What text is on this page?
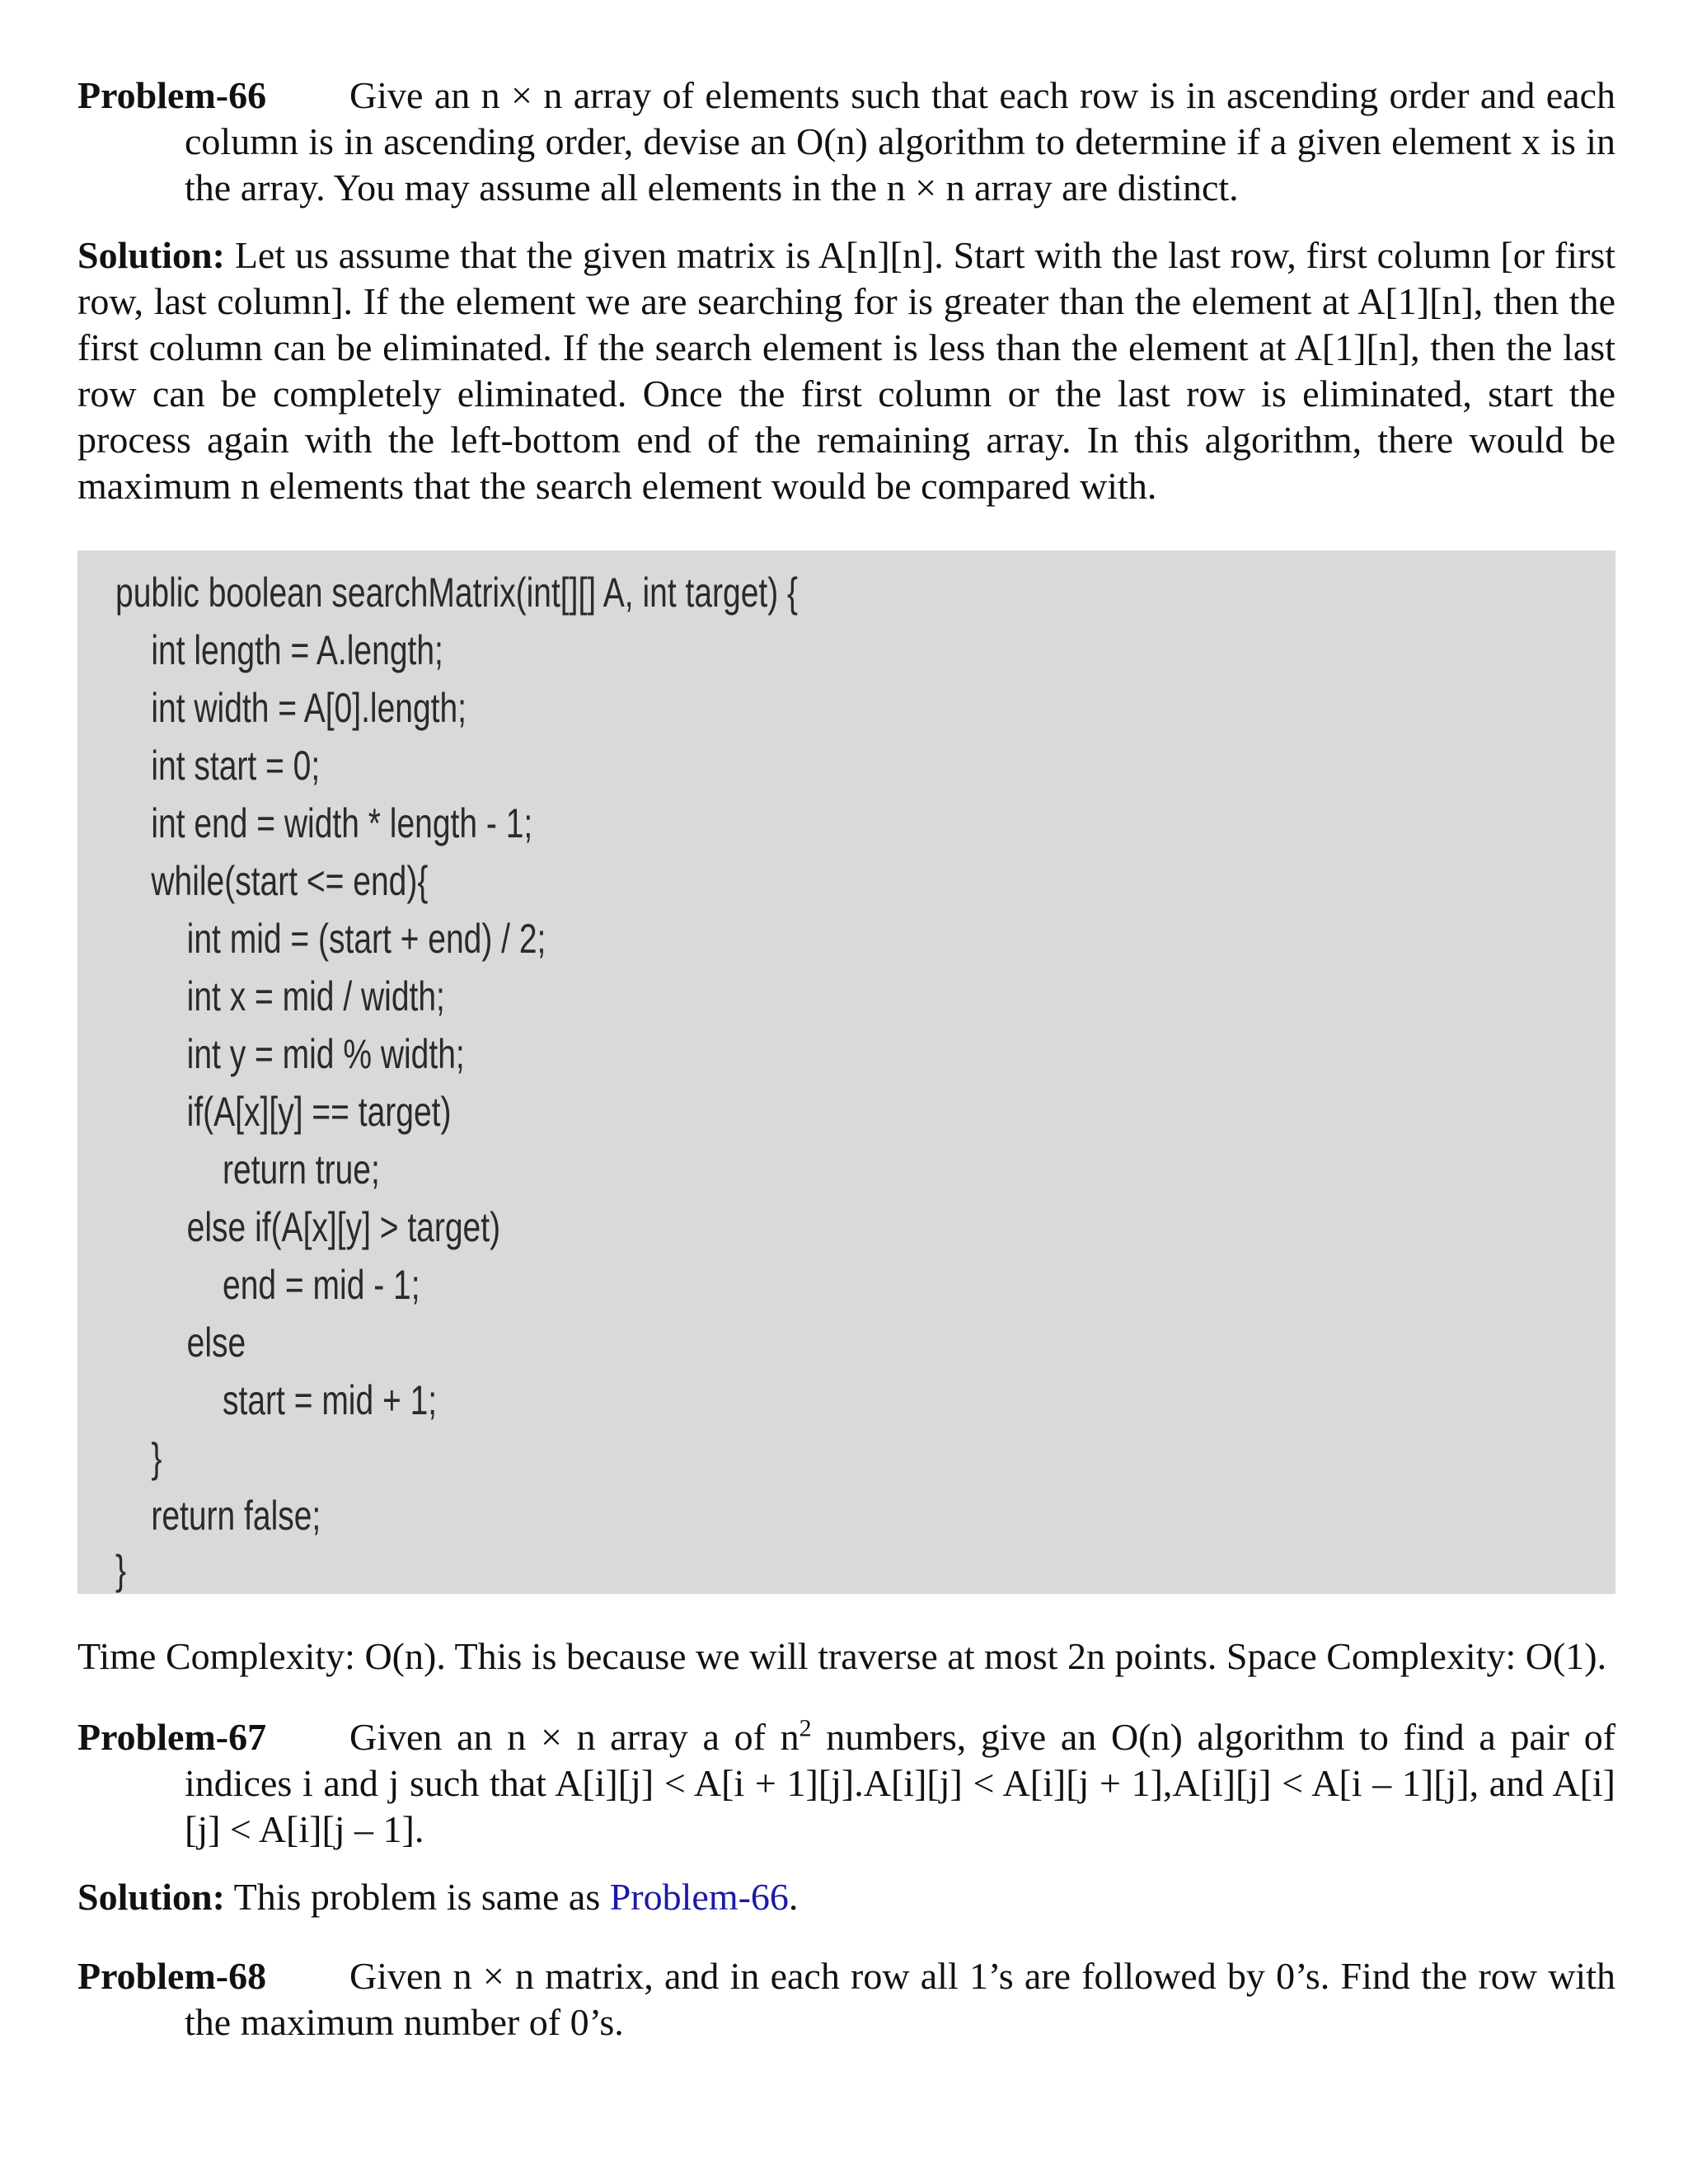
Problem-66 Give an n × n array of elements such that each row is in ascending order and each column is in ascending order, devise an O(n) algorithm to determine if a given element x is in the array. You may assume all elements in the n × n array are distinct.

Solution: Let us assume that the given matrix is A[n][n]. Start with the last row, first column [or first row, last column]. If the element we are searching for is greater than the element at A[1][n], then the first column can be eliminated. If the search element is less than the element at A[1][n], then the last row can be completely eliminated. Once the first column or the last row is eliminated, start the process again with the left-bottom end of the remaining array. In this algorithm, there would be maximum n elements that the search element would be compared with.

public boolean searchMatrix(int[][] A, int target) {
int length = A.length;
int width = A[0].length;
int start = 0;
int end = width * length - 1;
while(start <= end){
int mid = (start + end) / 2;
int x = mid / width;
int y = mid % width;
if(A[x][y] == target)
return true;
else if(A[x][y] > target)
end = mid - 1;
else
start = mid + 1;
}
return false;
}

Time Complexity: O(n). This is because we will traverse at most 2n points. Space Complexity: O(1).

Problem-67 Given an n × n array a of $n^2$ numbers, give an O(n) algorithm to find a pair of indices i and j such that A[i][j] < A[i + 1][j].A[i][j] < A[i][j + 1],A[i][j] < A[i – 1][j], and A[i][j] < A[i][j – 1].

Solution: This problem is same as Problem-66.

Problem-68 Given n × n matrix, and in each row all 1’s are followed by 0’s. Find the row with the maximum number of 0’s.
